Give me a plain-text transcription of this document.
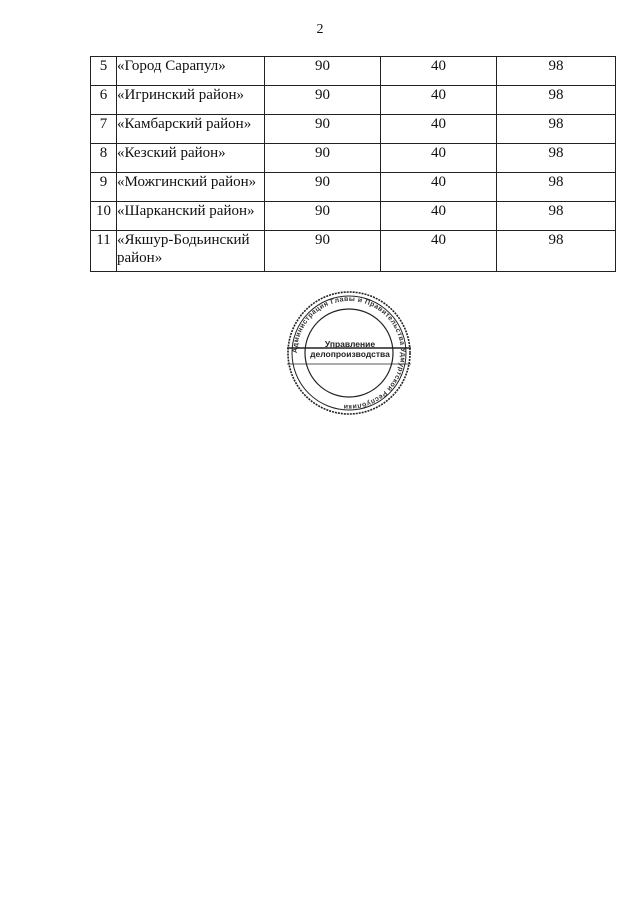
2
5	«Город Сарапул»	90	40	98
6	«Игринский район»	90	40	98
7	«Камбарский район»	90	40	98
8	«Кезский район»	90	40	98
9	«Можгинский район»	90	40	98
10	«Шарканский район»	90	40	98
11	«Якшур-Бодьинский район»	90	40	98
Администрация Главы и Правительства Удмуртской Республики
Управление
делопроизводства
